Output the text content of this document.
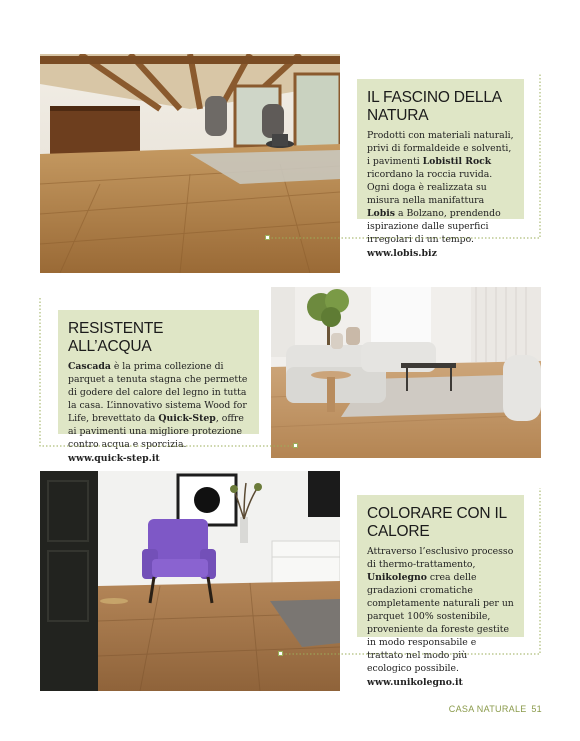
IL FASCINO DELLA NATURA

Prodotti con materiali naturali, privi di formaldeide e solventi, i pavimenti Lobistil Rock ricordano la roccia ruvida. Ogni doga è realizzata su misura nella manifattura Lobis a Bolzano, prendendo ispirazione dalle superfici irregolari di un tempo.
www.lobis.biz

RESISTENTE ALL’ACQUA

Cascada è la prima collezione di parquet a tenuta stagna che permette di godere del calore del legno in tutta la casa. L’innovativo sistema Wood for Life, brevettato da Quick-Step, offre ai pavimenti una migliore protezione contro acqua e sporcizia.
www.quick-step.it

COLORARE CON IL CALORE

Attraverso l’esclusivo processo di thermo-trattamento, Unikolegno crea delle gradazioni cromatiche completamente naturali per un parquet 100% sostenibile, proveniente da foreste gestite in modo responsabile e trattato nel modo più ecologico possibile.
www.unikolegno.it

CASA NATURALE 51
